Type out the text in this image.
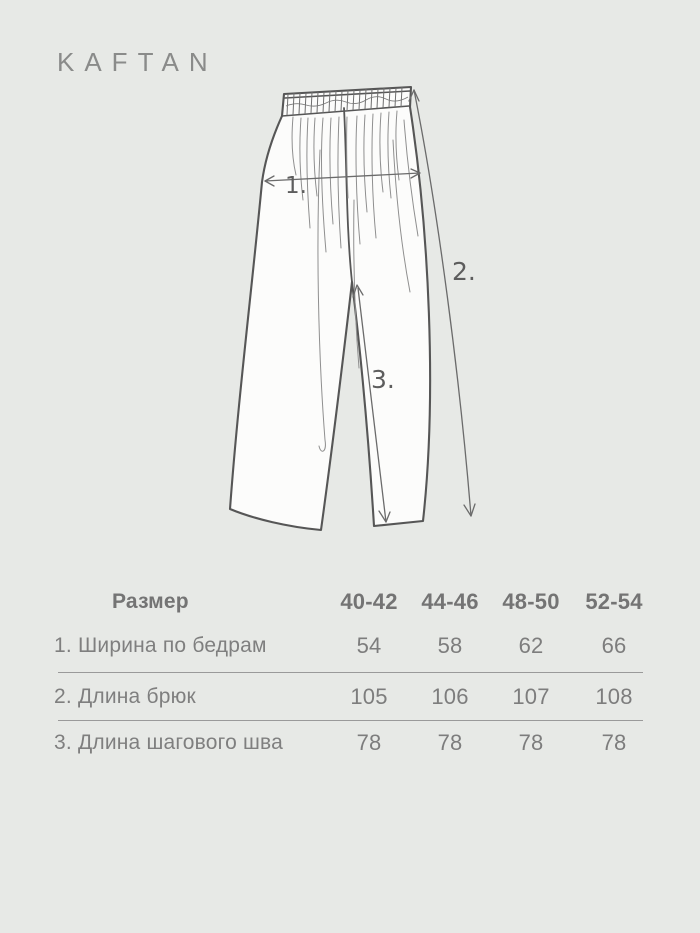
KAFTAN
1.
2.
3.
Размер	40-42	44-46	48-50	52-54
1. Ширина по бедрам	54	58	62	66
2. Длина брюк	105	106	107	108
3. Длина шагового шва	78	78	78	78
